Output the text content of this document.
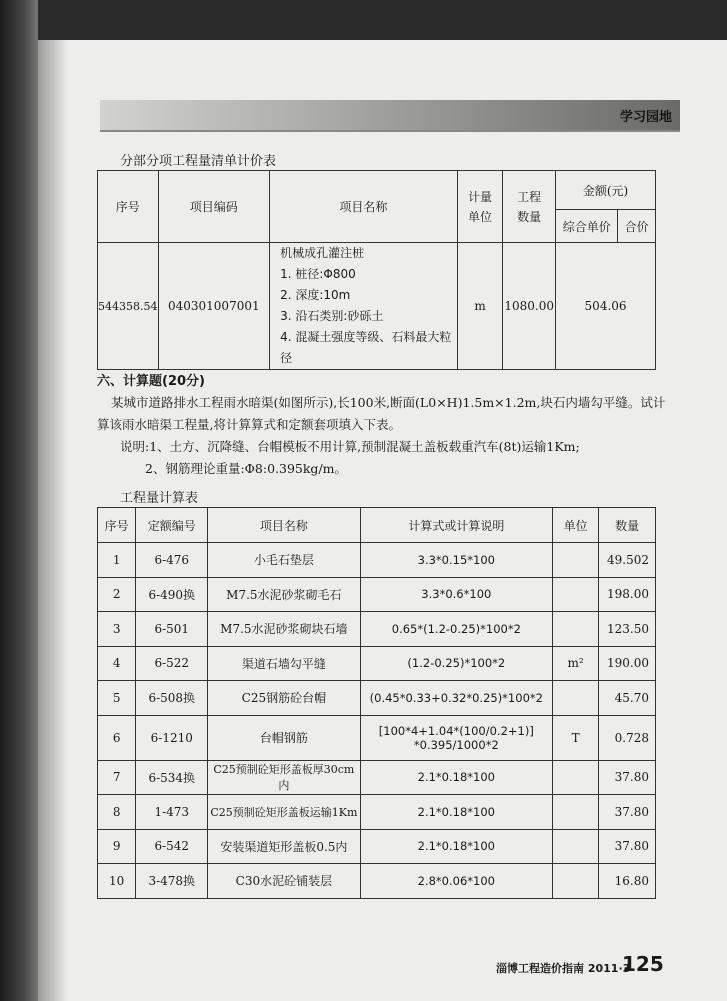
学习园地
分部分项工程量清单计价表
序号	项目编码	项目名称	计量单位	工程数量	金额(元)	
					综合单价	合价
544358.54	040301007001	机械成孔灌注桩
1. 桩径:Φ800
2. 深度:10m
3. 沿石类别:砂砾土
4. 混凝土强度等级、石料最大粒径	m	1080.00	504.06	
六、计算题(20分)
某城市道路排水工程雨水暗渠(如图所示),长100米,断面(L0×H)1.5m×1.2m,块石内墙勾平缝。试计算该雨水暗渠工程量,将计算算式和定额套项填入下表。
说明:1、土方、沉降缝、台帽模板不用计算,预制混凝土盖板载重汽车(8t)运输1Km;
2、钢筋理论重量:Φ8:0.395kg/m。
工程量计算表
序号	定额编号	项目名称	计算式或计算说明	单位	数量
1	6-476	小毛石垫层	3.3*0.15*100		49.502
2	6-490换	M7.5水泥砂浆砌毛石	3.3*0.6*100		198.00
3	6-501	M7.5水泥砂浆砌块石墙	0.65*(1.2-0.25)*100*2		123.50
4	6-522	渠道石墙勾平缝	(1.2-0.25)*100*2	m²	190.00
5	6-508换	C25钢筋砼台帽	(0.45*0.33+0.32*0.25)*100*2		45.70
6	6-1210	台帽钢筋	[100*4+1.04*(100/0.2+1)]
*0.395/1000*2	T	0.728
7	6-534换	C25预制砼矩形盖板厚30cm内	2.1*0.18*100		37.80
8	1-473	C25预制砼矩形盖板运输1Km	2.1*0.18*100		37.80
9	6-542	安装渠道矩形盖板0.5内	2.1*0.18*100		37.80
10	3-478换	C30水泥砼铺装层	2.8*0.06*100		16.80
淄博工程造价指南 2011·3
125
